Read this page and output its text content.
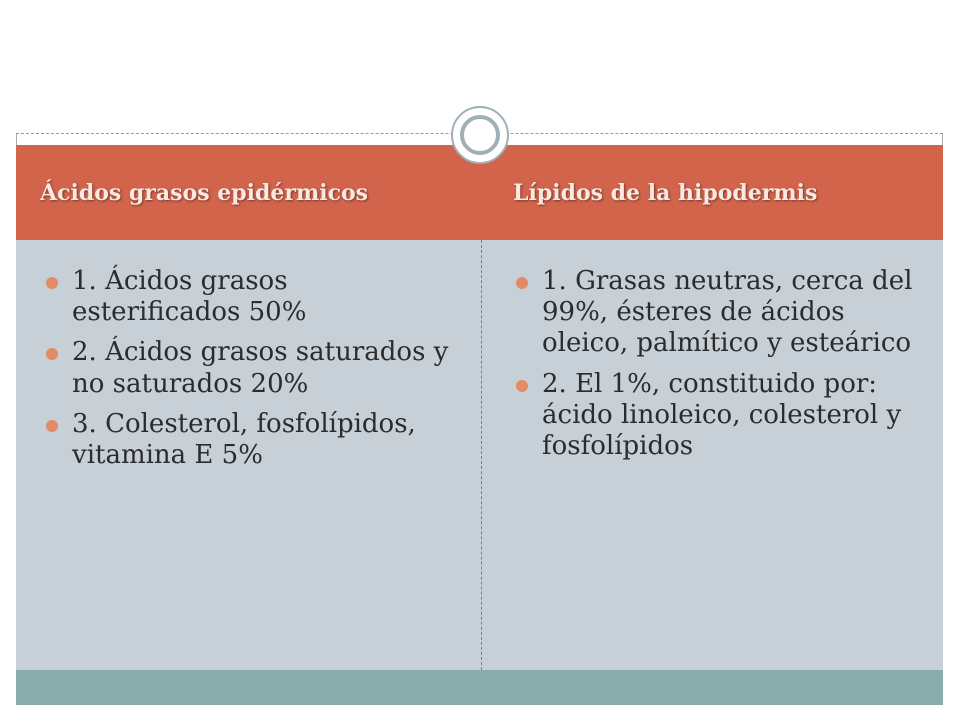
Ácidos grasos epidérmicos	Lípidos de la hipodermis
1. Ácidos grasos esterificados 50%
2. Ácidos grasos saturados y no saturados 20%
3. Colesterol, fosfolípidos, vitamina E 5%
1. Grasas neutras, cerca del 99%, ésteres de ácidos oleico, palmítico y esteárico
2. El 1%, constituido por: ácido linoleico, colesterol y fosfolípidos
